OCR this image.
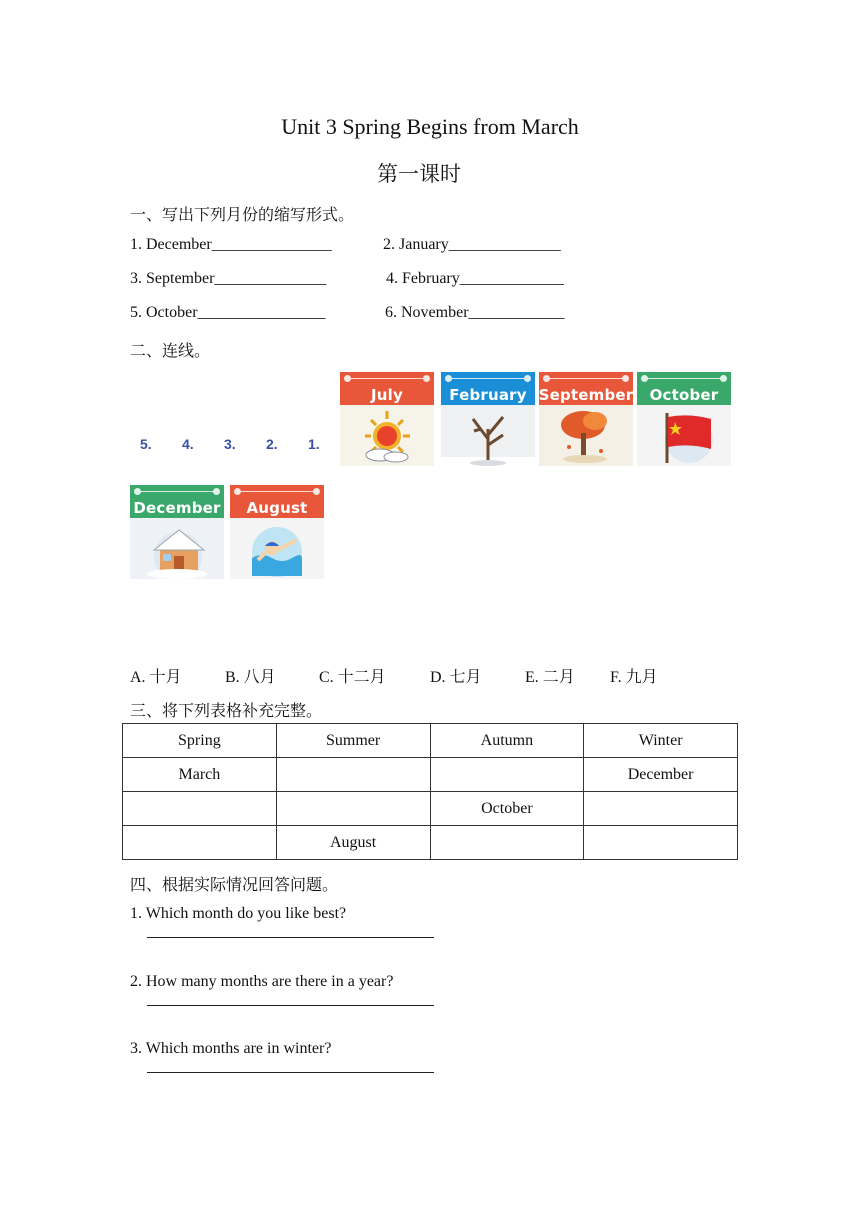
Unit 3 Spring Begins from March
第一课时
一、写出下列月份的缩写形式。
1. December_______________	2. January______________
3. September______________	4. February_____________
5. October________________	6. November____________
二、连线。
5. 4. 3. 2. 1.
July	February September October
December August
A. 十月	B. 八月	C. 十二月	D. 七月	E. 二月 F. 九月
三、将下列表格补充完整。
Spring	Summer	Autumn	Winter
March			December
		October	
	August		
四、根据实际情况回答问题。
1. Which month do you like best?
2. How many months are there in a year?
3. Which months are in winter?
